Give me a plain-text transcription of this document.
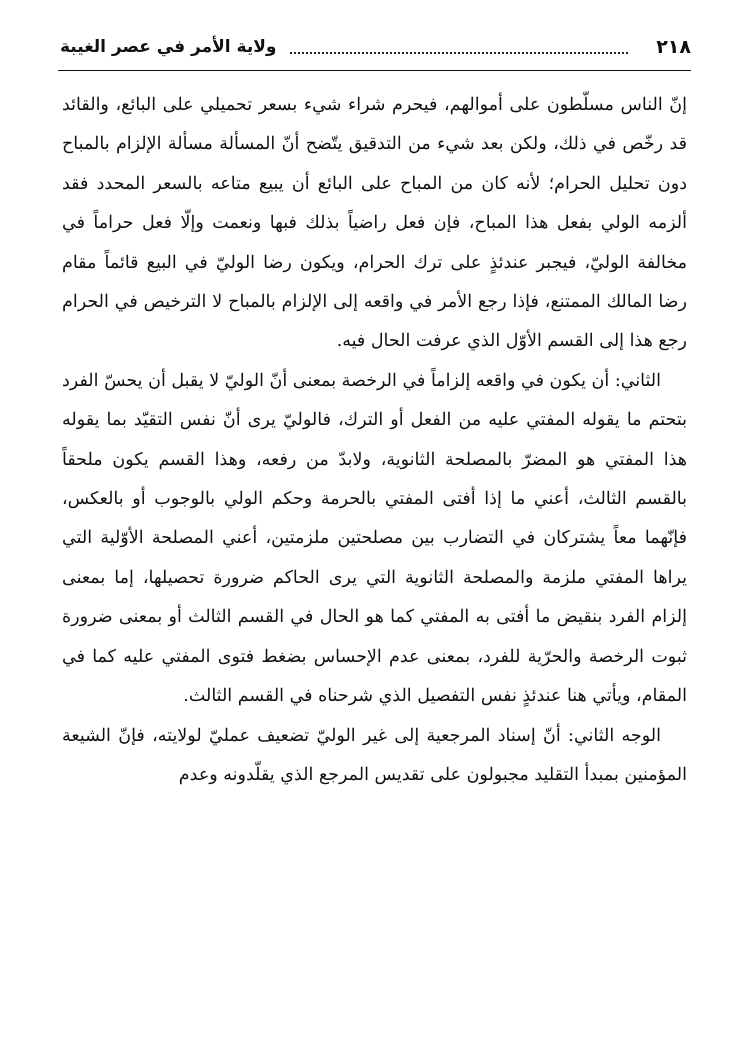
٢١٨
ولاية الأمر في عصر الغيبة

إنّ الناس مسلّطون على أموالهم، فيحرم شراء شيء بسعر تحميلي على البائع، والقائد قد رخّص في ذلك، ولكن بعد شيء من التدقيق يتّضح أنّ المسألة مسألة الإلزام بالمباح دون تحليل الحرام؛ لأنه كان من المباح على البائع أن يبيع متاعه بالسعر المحدد فقد ألزمه الولي بفعل هذا المباح، فإن فعل راضياً بذلك فبها ونعمت وإلّا فعل حراماً في مخالفة الوليّ، فيجبر عندئذٍ على ترك الحرام، ويكون رضا الوليّ في البيع قائماً مقام رضا المالك الممتنع، فإذا رجع الأمر في واقعه إلى الإلزام بالمباح لا الترخيص في الحرام رجع هذا إلى القسم الأوّل الذي عرفت الحال فيه.

الثاني: أن يكون في واقعه إلزاماً في الرخصة بمعنى أنّ الوليّ لا يقبل أن يحسّ الفرد بتحتم ما يقوله المفتي عليه من الفعل أو الترك، فالوليّ يرى أنّ نفس التقيّد بما يقوله هذا المفتي هو المضرّ بالمصلحة الثانوية، ولابدّ من رفعه، وهذا القسم يكون ملحقاً بالقسم الثالث، أعني ما إذا أفتى المفتي بالحرمة وحكم الولي بالوجوب أو بالعكس، فإنّهما معاً يشتركان في التضارب بين مصلحتين ملزمتين، أعني المصلحة الأوّلية التي يراها المفتي ملزمة والمصلحة الثانوية التي يرى الحاكم ضرورة تحصيلها، إما بمعنى إلزام الفرد بنقيض ما أفتى به المفتي كما هو الحال في القسم الثالث أو بمعنى ضرورة ثبوت الرخصة والحرّية للفرد، بمعنى عدم الإحساس بضغط فتوى المفتي عليه كما في المقام، ويأتي هنا عندئذٍ نفس التفصيل الذي شرحناه في القسم الثالث.

الوجه الثاني: أنّ إسناد المرجعية إلى غير الوليّ تضعيف عمليّ لولايته، فإنّ الشيعة المؤمنين بمبدأ التقليد مجبولون على تقديس المرجع الذي يقلّدونه وعدم
